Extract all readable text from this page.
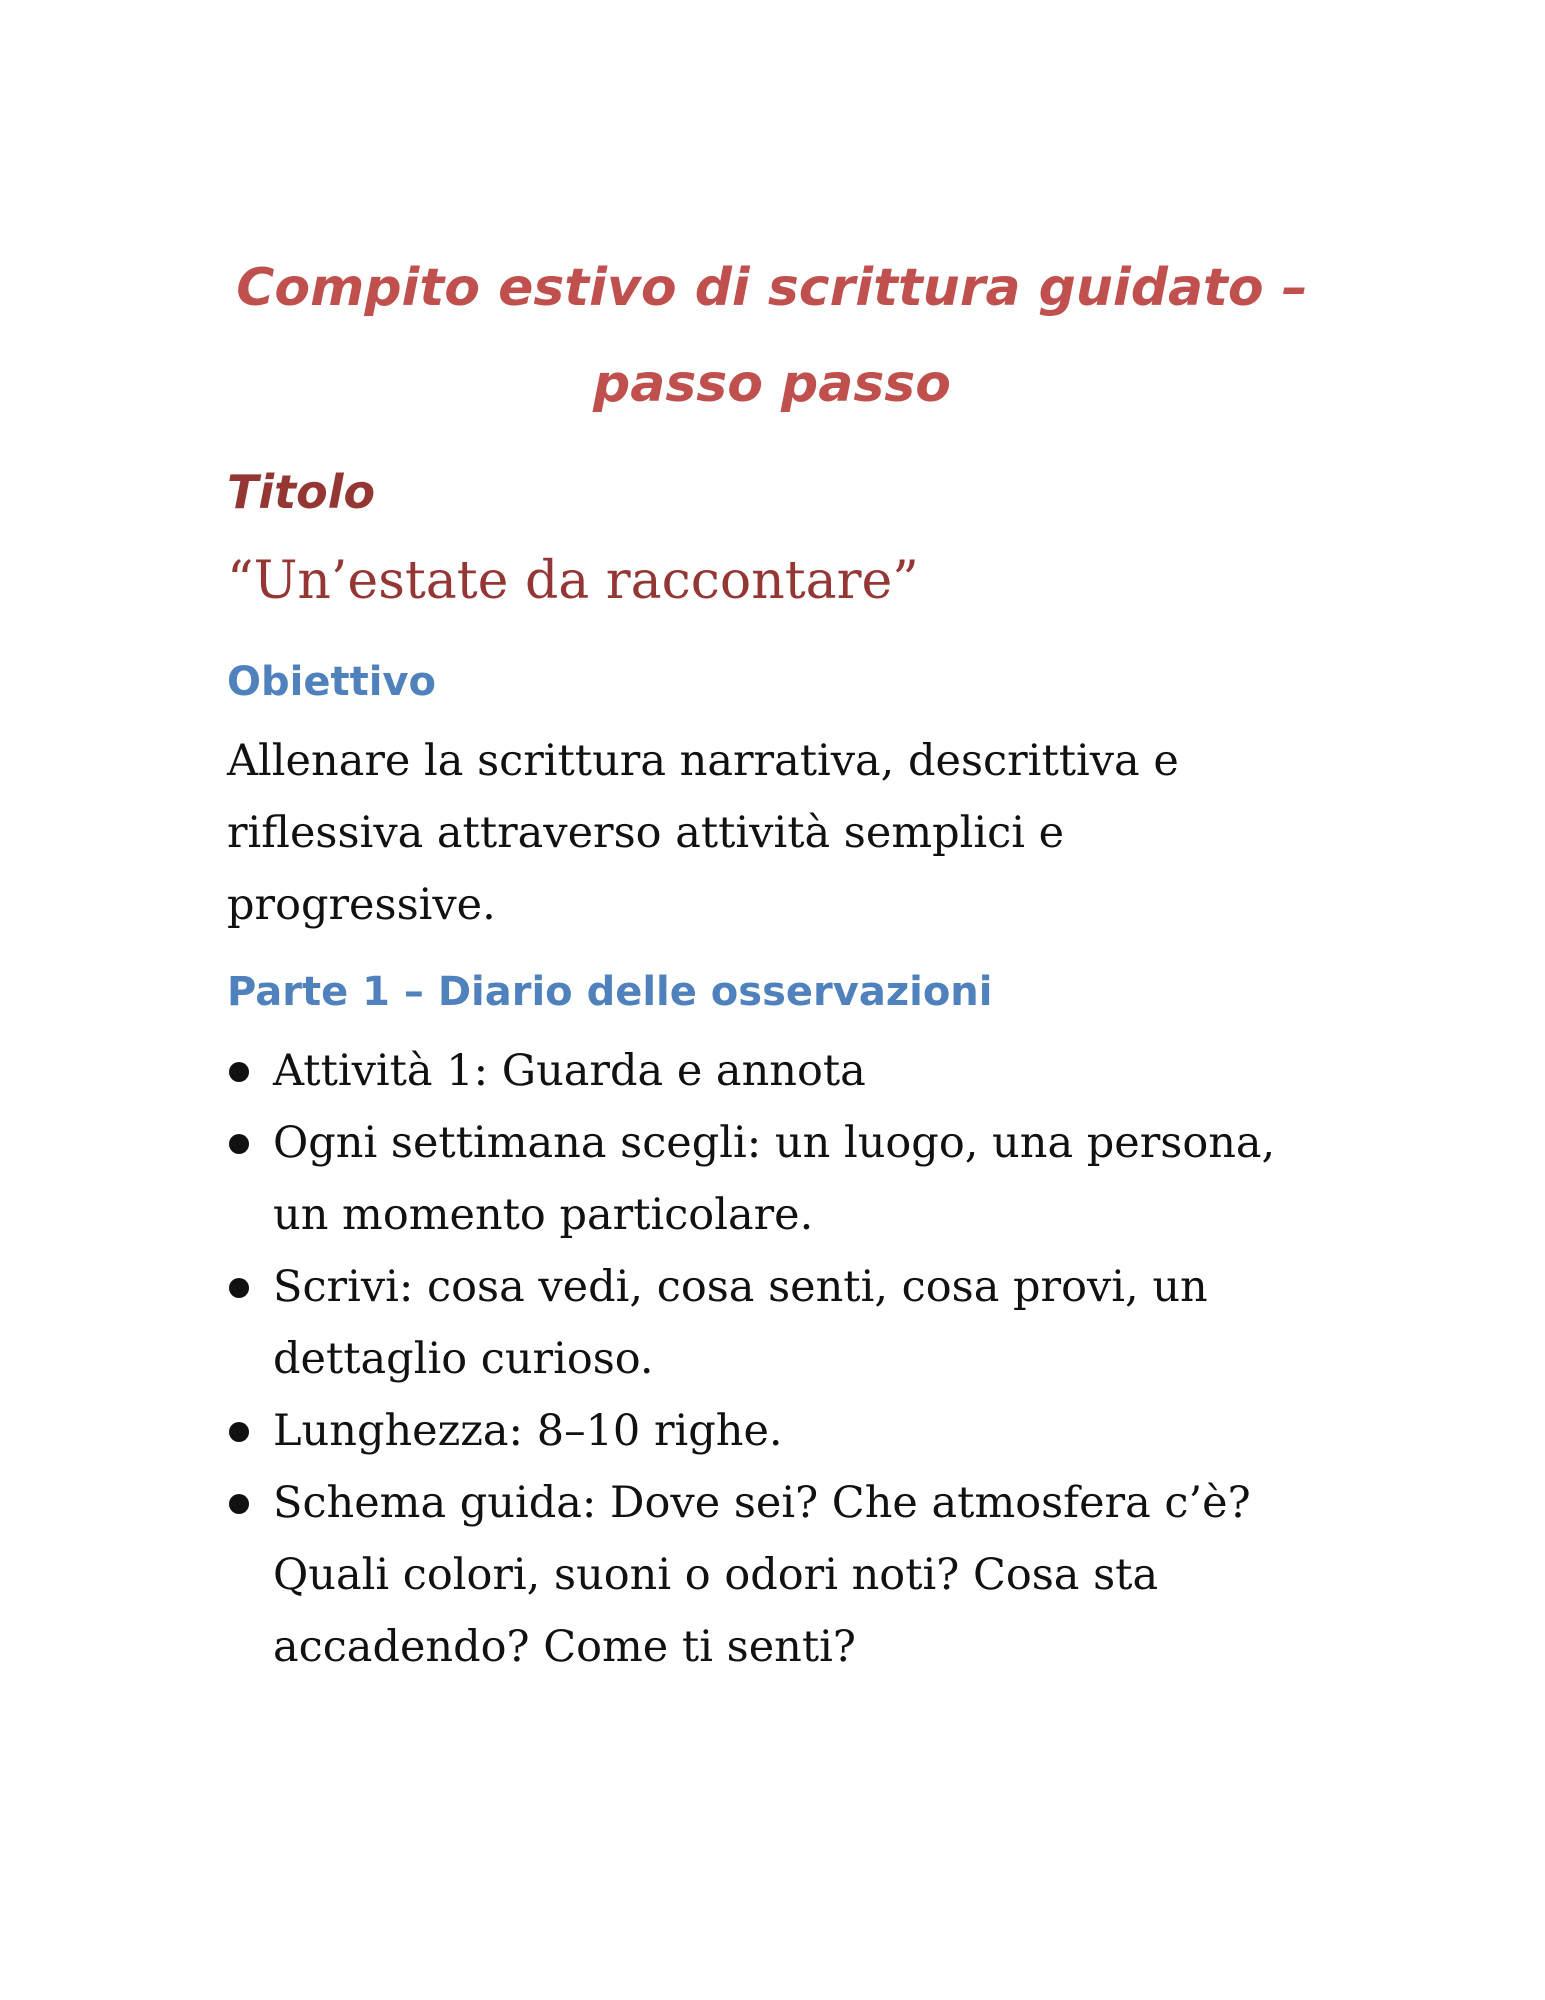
Compito estivo di scrittura guidato – passo passo
Titolo

“Un’estate da raccontare”

Obiettivo

Allenare la scrittura narrativa, descrittiva e riflessiva attraverso attività semplici e progressive.

Parte 1 – Diario delle osservazioni
Attività 1: Guarda e annota
Ogni settimana scegli: un luogo, una persona, un momento particolare.
Scrivi: cosa vedi, cosa senti, cosa provi, un dettaglio curioso.
Lunghezza: 8–10 righe.
Schema guida: Dove sei? Che atmosfera c’è? Quali colori, suoni o odori noti? Cosa sta accadendo? Come ti senti?
